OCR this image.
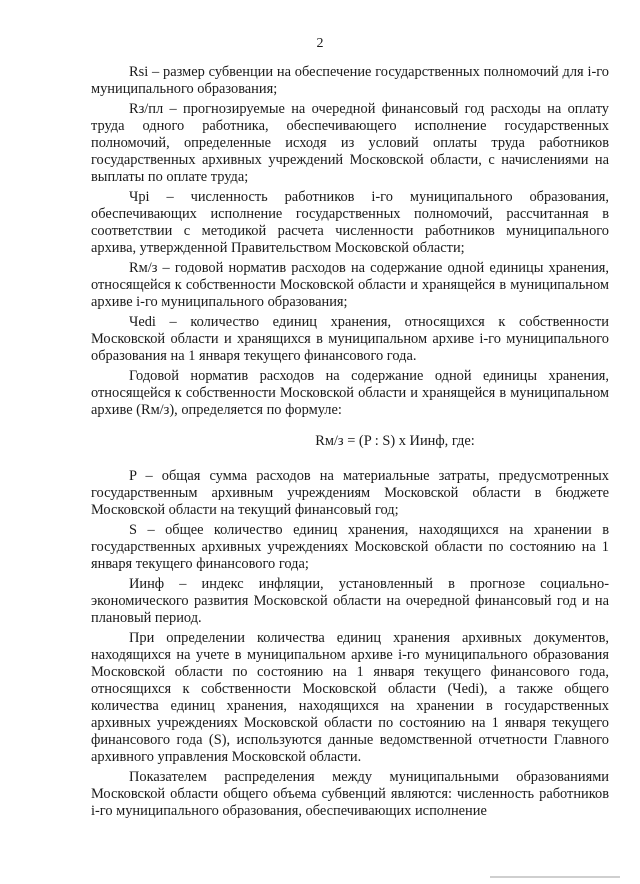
2

Rsi – размер субвенции на обеспечение государственных полномочий для i-го муниципального образования;

Rз/пл – прогнозируемые на очередной финансовый год расходы на оплату труда одного работника, обеспечивающего исполнение государственных полномочий, определенные исходя из условий оплаты труда работников государственных архивных учреждений Московской области, с начислениями на выплаты по оплате труда;

Чрi – численность работников i-го муниципального образования, обеспечивающих исполнение государственных полномочий, рассчитанная в соответствии с методикой расчета численности работников муниципального архива, утвержденной Правительством Московской области;

Rм/з – годовой норматив расходов на содержание одной единицы хранения, относящейся к собственности Московской области и хранящейся в муниципальном архиве i-го муниципального образования;

Чеdi – количество единиц хранения, относящихся к собственности Московской области и хранящихся в муниципальном архиве i-го муниципального образования на 1 января текущего финансового года.

Годовой норматив расходов на содержание одной единицы хранения, относящейся к собственности Московской области и хранящейся в муниципальном архиве (Rм/з), определяется по формуле:

Rм/з = (P : S) x Иинф, где:

P – общая сумма расходов на материальные затраты, предусмотренных государственным архивным учреждениям Московской области в бюджете Московской области на текущий финансовый год;

S – общее количество единиц хранения, находящихся на хранении в государственных архивных учреждениях Московской области по состоянию на 1 января текущего финансового года;

Иинф – индекс инфляции, установленный в прогнозе социально-экономического развития Московской области на очередной финансовый год и на плановый период.

При определении количества единиц хранения архивных документов, находящихся на учете в муниципальном архиве i-го муниципального образования Московской области по состоянию на 1 января текущего финансового года, относящихся к собственности Московской области (Чеdi), а также общего количества единиц хранения, находящихся на хранении в государственных архивных учреждениях Московской области по состоянию на 1 января текущего финансового года (S), используются данные ведомственной отчетности Главного архивного управления Московской области.

Показателем распределения между муниципальными образованиями Московской области общего объема субвенций являются: численность работников i-го муниципального образования, обеспечивающих исполнение
